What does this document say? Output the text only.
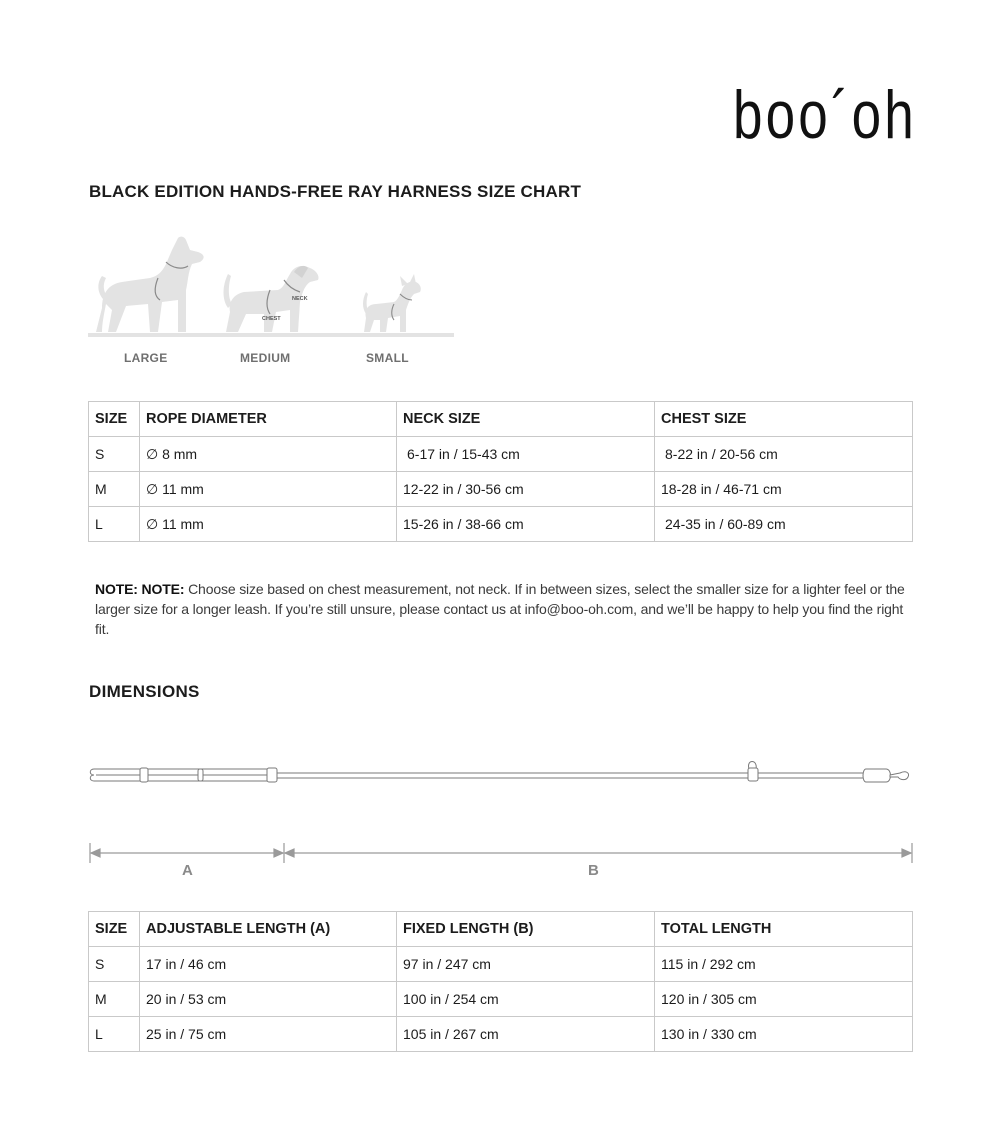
boo´oh
BLACK EDITION HANDS-FREE RAY HARNESS SIZE CHART
NECK
CHEST
LARGE	MEDIUM	SMALL
SIZE	ROPE DIAMETER	NECK SIZE	CHEST SIZE
S	∅ 8 mm	6-17 in / 15-43 cm	8-22 in / 20-56 cm
M	∅ 11 mm	12-22 in / 30-56 cm	18-28 in / 46-71 cm
L	∅ 11 mm	15-26 in / 38-66 cm	24-35 in / 60-89 cm
NOTE: NOTE: Choose size based on chest measurement, not neck. If in between sizes, select the smaller size for a lighter feel or the larger size for a longer leash. If you’re still unsure, please contact us at info@boo-oh.com, and we’ll be happy to help you find the right fit.
DIMENSIONS
A	B
SIZE	ADJUSTABLE LENGTH (A)	FIXED LENGTH (B)	TOTAL LENGTH
S	17 in / 46 cm	97 in / 247 cm	115 in / 292 cm
M	20 in / 53 cm	100 in / 254 cm	120 in / 305 cm
L	25 in / 75 cm	105 in / 267 cm	130 in / 330 cm
